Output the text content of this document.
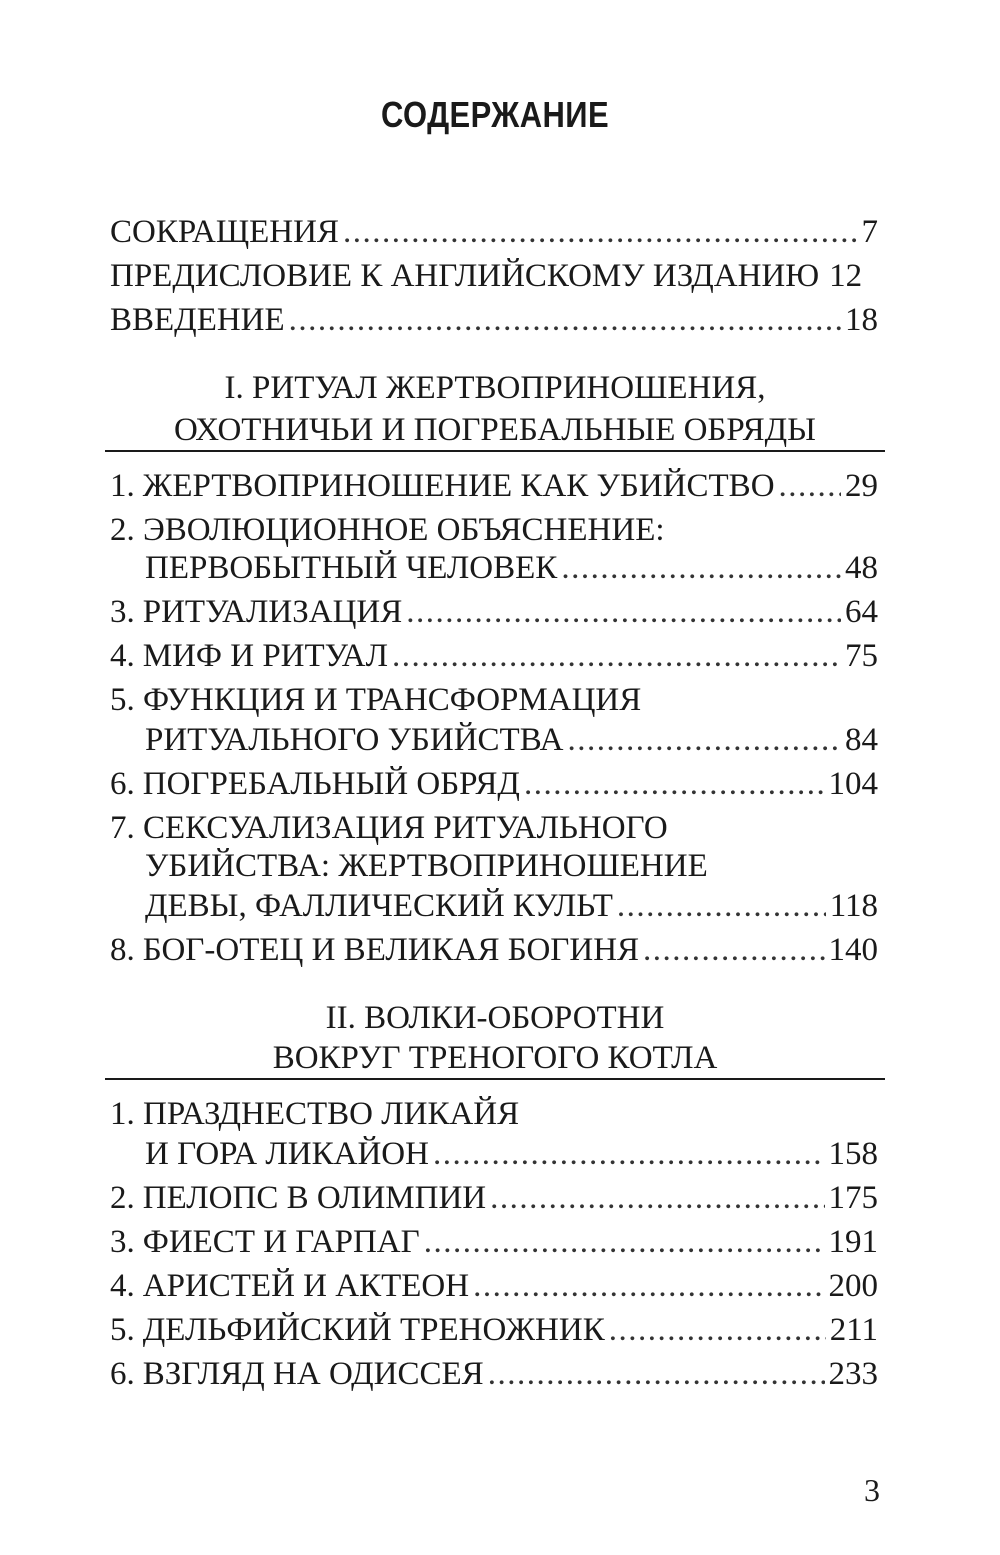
СОДЕРЖАНИЕ
СОКРАЩЕНИЯ .....	7
ПРЕДИСЛОВИЕ К АНГЛИЙСКОМУ ИЗДАНИЮ 12
ВВЕДЕНИЕ .....	18
I. РИТУАЛ ЖЕРТВОПРИНОШЕНИЯ,
ОХОТНИЧЬИ И ПОГРЕБАЛЬНЫЕ ОБРЯДЫ
1. ЖЕРТВОПРИНОШЕНИЕ КАК УБИЙСТВО ..... 29
2. ЭВОЛЮЦИОННОЕ ОБЪЯСНЕНИЕ:
ПЕРВОБЫТНЫЙ ЧЕЛОВЕК .....	48
3. РИТУАЛИЗАЦИЯ .....	64
4. МИФ И РИТУАЛ .....	75
5. ФУНКЦИЯ И ТРАНСФОРМАЦИЯ
РИТУАЛЬНОГО УБИЙСТВА .....	84
6. ПОГРЕБАЛЬНЫЙ ОБРЯД .....	104
7. СЕКСУАЛИЗАЦИЯ РИТУАЛЬНОГО
УБИЙСТВА: ЖЕРТВОПРИНОШЕНИЕ
ДЕВЫ, ФАЛЛИЧЕСКИЙ КУЛЬТ .....	118
8. БОГ-ОТЕЦ И ВЕЛИКАЯ БОГИНЯ .....	140
II. ВОЛКИ-ОБОРОТНИ
ВОКРУГ ТРЕНОГОГО КОТЛА
1. ПРАЗДНЕСТВО ЛИКАЙЯ
И ГОРА ЛИКАЙОН .....	158
2. ПЕЛОПС В ОЛИМПИИ .....	175
3. ФИЕСТ И ГАРПАГ .....	191
4. АРИСТЕЙ И АКТЕОН .....	200
5. ДЕЛЬФИЙСКИЙ ТРЕНОЖНИК .....	211
6. ВЗГЛЯД НА ОДИССЕЯ .....	233
3
